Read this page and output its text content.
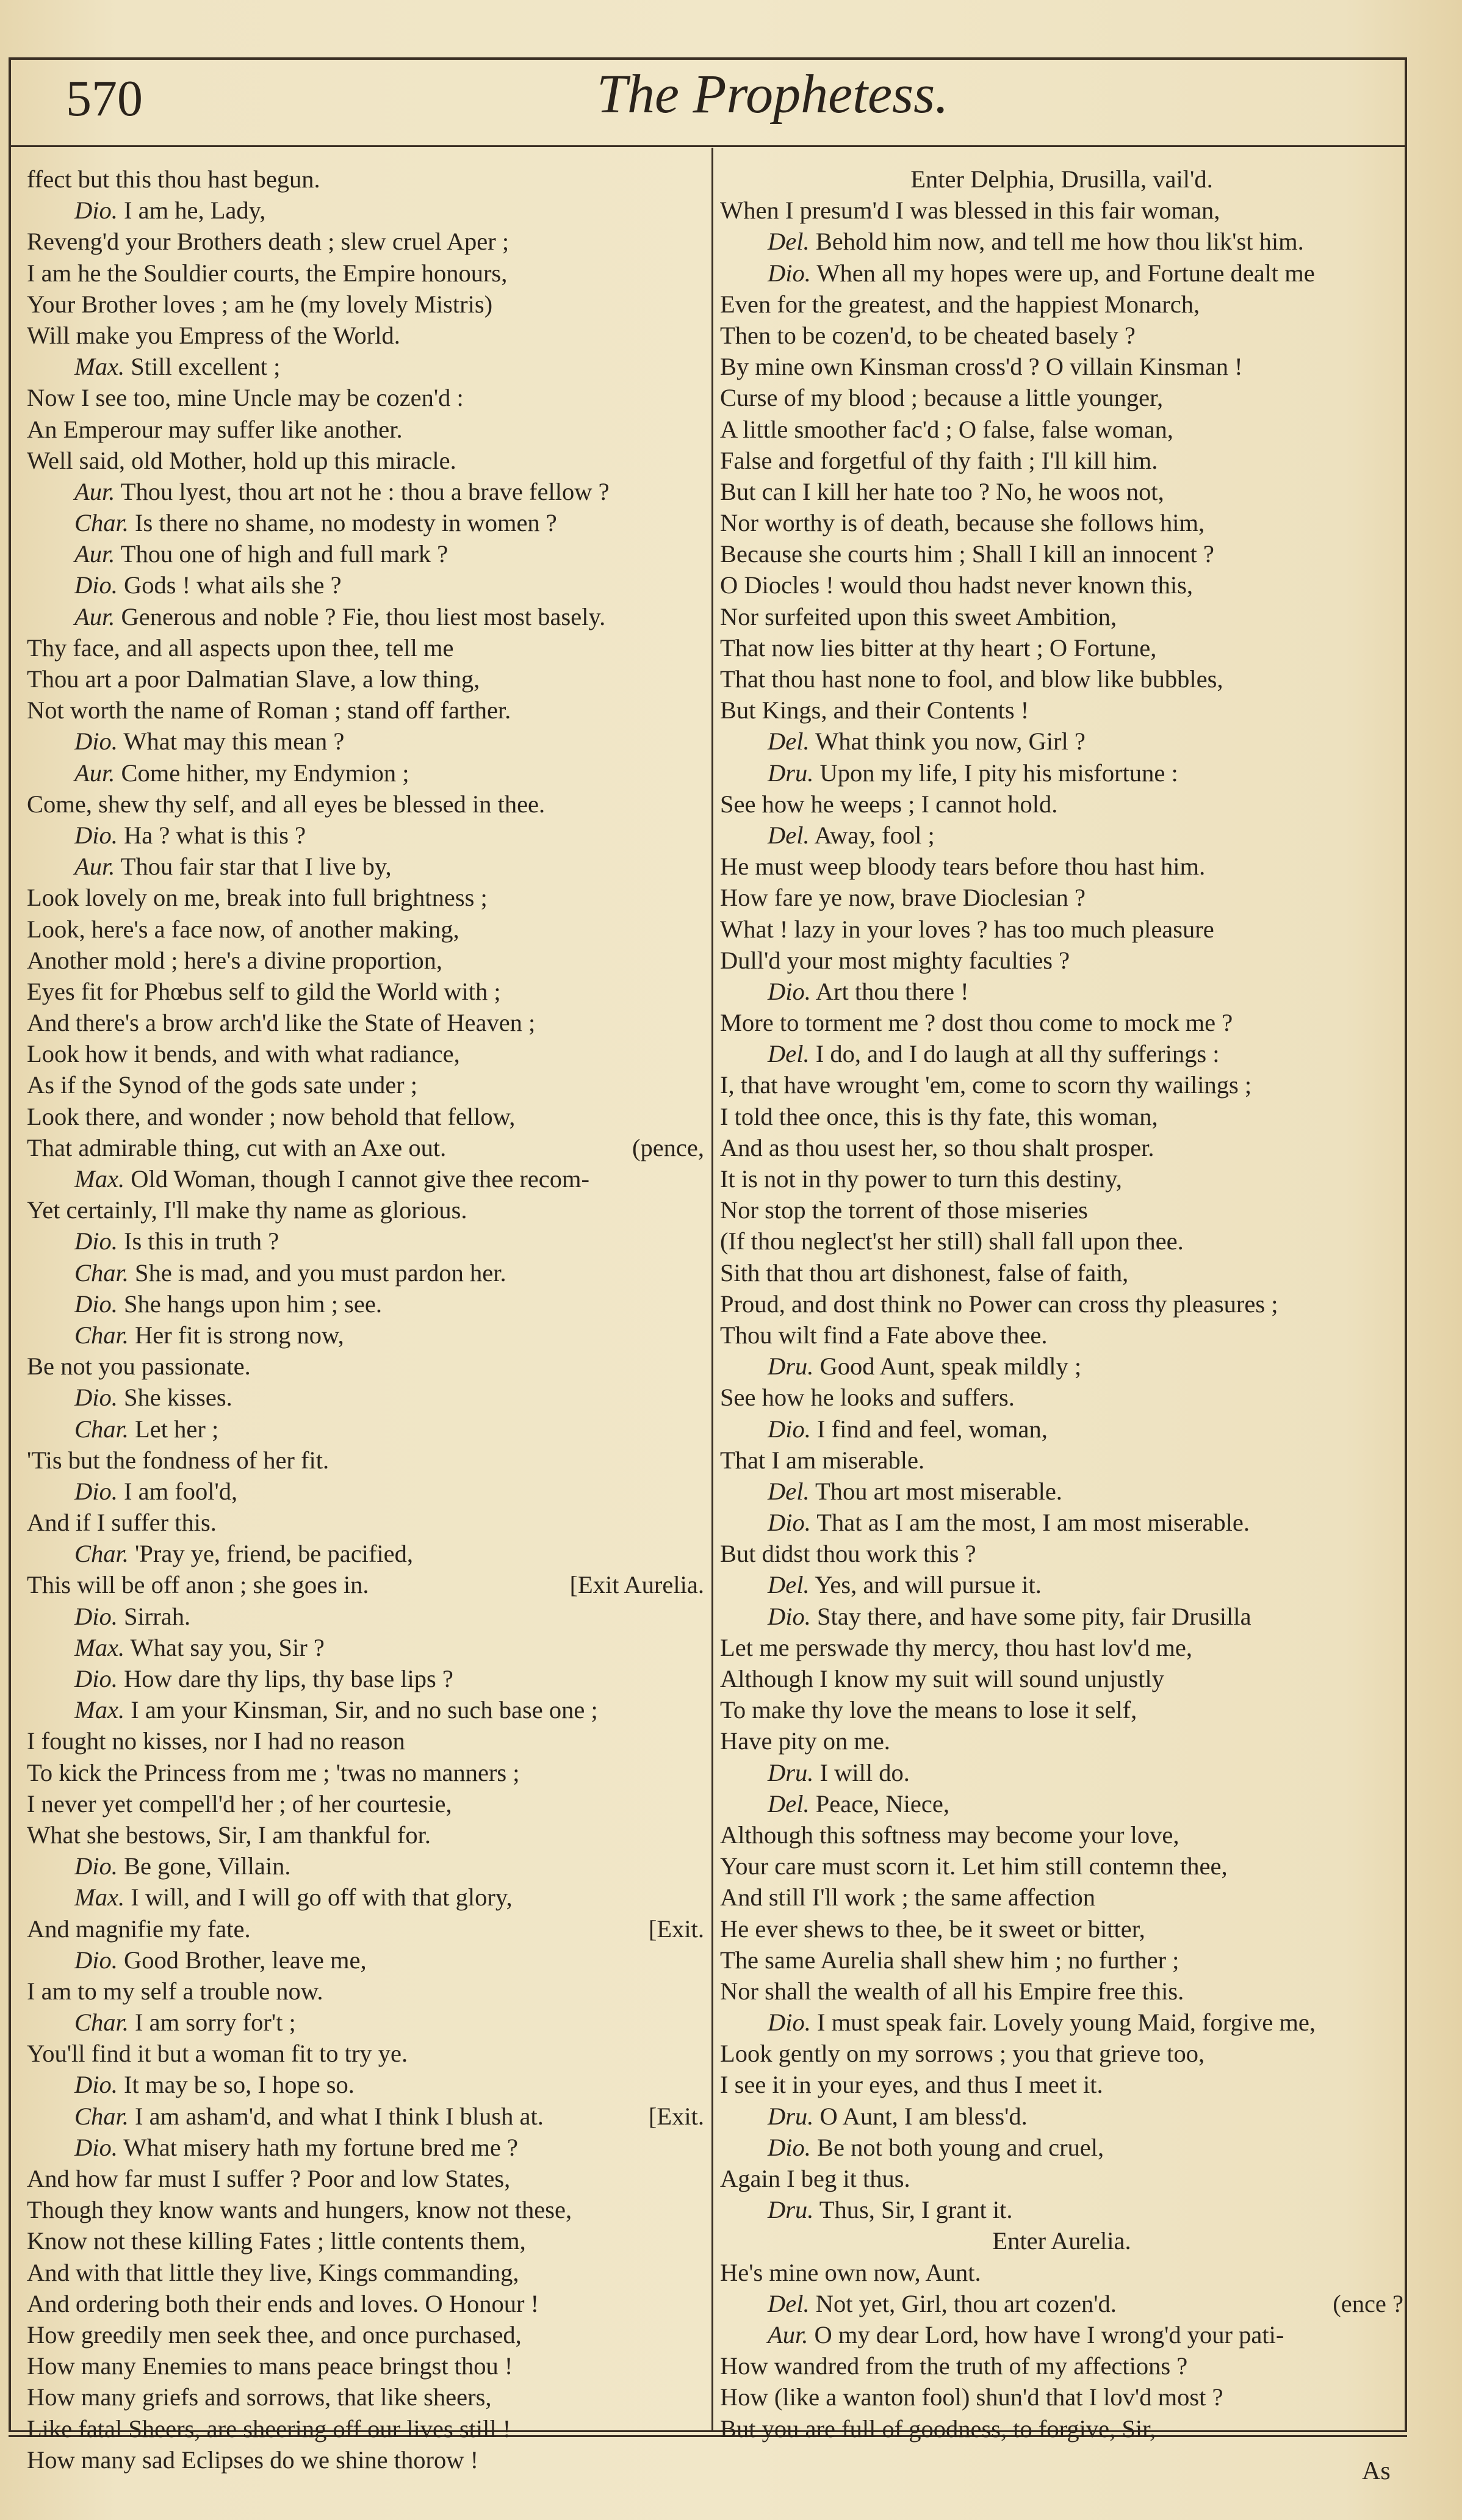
570	The Prophetess.
ffect but this thou hast begun.
Dio. I am he, Lady,
Reveng'd your Brothers death ; slew cruel Aper ;
I am he the Souldier courts, the Empire honours,
Your Brother loves ; am he (my lovely Mistris)
Will make you Empress of the World.
Max. Still excellent ;
Now I see too, mine Uncle may be cozen'd :
An Emperour may suffer like another.
Well said, old Mother, hold up this miracle.
Aur. Thou lyest, thou art not he : thou a brave fellow ?
Char. Is there no shame, no modesty in women ?
Aur. Thou one of high and full mark ?
Dio. Gods ! what ails she ?
Aur. Generous and noble ? Fie, thou liest most basely.
Thy face, and all aspects upon thee, tell me
Thou art a poor Dalmatian Slave, a low thing,
Not worth the name of Roman ; stand off farther.
Dio. What may this mean ?
Aur. Come hither, my Endymion ;
Come, shew thy self, and all eyes be blessed in thee.
Dio. Ha ? what is this ?
Aur. Thou fair star that I live by,
Look lovely on me, break into full brightness ;
Look, here's a face now, of another making,
Another mold ; here's a divine proportion,
Eyes fit for Phœbus self to gild the World with ;
And there's a brow arch'd like the State of Heaven ;
Look how it bends, and with what radiance,
As if the Synod of the gods sate under ;
Look there, and wonder ; now behold that fellow,
(pence,
That admirable thing, cut with an Axe out.
Max. Old Woman, though I cannot give thee recom-
Yet certainly, I'll make thy name as glorious.
Dio. Is this in truth ?
Char. She is mad, and you must pardon her.
Dio. She hangs upon him ; see.
Char. Her fit is strong now,
Be not you passionate.
Dio. She kisses.
Char. Let her ;
'Tis but the fondness of her fit.
Dio. I am fool'd,
And if I suffer this.
Char. 'Pray ye, friend, be pacified,
[Exit Aurelia.
This will be off anon ; she goes in.
Dio. Sirrah.
Max. What say you, Sir ?
Dio. How dare thy lips, thy base lips ?
Max. I am your Kinsman, Sir, and no such base one ;
I fought no kisses, nor I had no reason
To kick the Princess from me ; 'twas no manners ;
I never yet compell'd her ; of her courtesie,
What she bestows, Sir, I am thankful for.
Dio. Be gone, Villain.
Max. I will, and I will go off with that glory,
[Exit.
And magnifie my fate.
Dio. Good Brother, leave me,
I am to my self a trouble now.
Char. I am sorry for't ;
You'll find it but a woman fit to try ye.
Dio. It may be so, I hope so.
[Exit.
Char. I am asham'd, and what I think I blush at.
Dio. What misery hath my fortune bred me ?
And how far must I suffer ? Poor and low States,
Though they know wants and hungers, know not these,
Know not these killing Fates ; little contents them,
And with that little they live, Kings commanding,
And ordering both their ends and loves. O Honour !
How greedily men seek thee, and once purchased,
How many Enemies to mans peace bringst thou !
How many griefs and sorrows, that like sheers,
Like fatal Sheers, are sheering off our lives still !
How many sad Eclipses do we shine thorow !
Enter Delphia, Drusilla, vail'd.
When I presum'd I was blessed in this fair woman,
Del. Behold him now, and tell me how thou lik'st him.
Dio. When all my hopes were up, and Fortune dealt me
Even for the greatest, and the happiest Monarch,
Then to be cozen'd, to be cheated basely ?
By mine own Kinsman cross'd ? O villain Kinsman !
Curse of my blood ; because a little younger,
A little smoother fac'd ; O false, false woman,
False and forgetful of thy faith ; I'll kill him.
But can I kill her hate too ? No, he woos not,
Nor worthy is of death, because she follows him,
Because she courts him ; Shall I kill an innocent ?
O Diocles ! would thou hadst never known this,
Nor surfeited upon this sweet Ambition,
That now lies bitter at thy heart ; O Fortune,
That thou hast none to fool, and blow like bubbles,
But Kings, and their Contents !
Del. What think you now, Girl ?
Dru. Upon my life, I pity his misfortune :
See how he weeps ; I cannot hold.
Del. Away, fool ;
He must weep bloody tears before thou hast him.
How fare ye now, brave Dioclesian ?
What ! lazy in your loves ? has too much pleasure
Dull'd your most mighty faculties ?
Dio. Art thou there !
More to torment me ? dost thou come to mock me ?
Del. I do, and I do laugh at all thy sufferings :
I, that have wrought 'em, come to scorn thy wailings ;
I told thee once, this is thy fate, this woman,
And as thou usest her, so thou shalt prosper.
It is not in thy power to turn this destiny,
Nor stop the torrent of those miseries
(If thou neglect'st her still) shall fall upon thee.
Sith that thou art dishonest, false of faith,
Proud, and dost think no Power can cross thy pleasures ;
Thou wilt find a Fate above thee.
Dru. Good Aunt, speak mildly ;
See how he looks and suffers.
Dio. I find and feel, woman,
That I am miserable.
Del. Thou art most miserable.
Dio. That as I am the most, I am most miserable.
But didst thou work this ?
Del. Yes, and will pursue it.
Dio. Stay there, and have some pity, fair Drusilla
Let me perswade thy mercy, thou hast lov'd me,
Although I know my suit will sound unjustly
To make thy love the means to lose it self,
Have pity on me.
Dru. I will do.
Del. Peace, Niece,
Although this softness may become your love,
Your care must scorn it. Let him still contemn thee,
And still I'll work ; the same affection
He ever shews to thee, be it sweet or bitter,
The same Aurelia shall shew him ; no further ;
Nor shall the wealth of all his Empire free this.
Dio. I must speak fair. Lovely young Maid, forgive me,
Look gently on my sorrows ; you that grieve too,
I see it in your eyes, and thus I meet it.
Dru. O Aunt, I am bless'd.
Dio. Be not both young and cruel,
Again I beg it thus.
Dru. Thus, Sir, I grant it.
Enter Aurelia.
He's mine own now, Aunt.
(ence ?
Del. Not yet, Girl, thou art cozen'd.
Aur. O my dear Lord, how have I wrong'd your pati-
How wandred from the truth of my affections ?
How (like a wanton fool) shun'd that I lov'd most ?
But you are full of goodness, to forgive, Sir,
As
